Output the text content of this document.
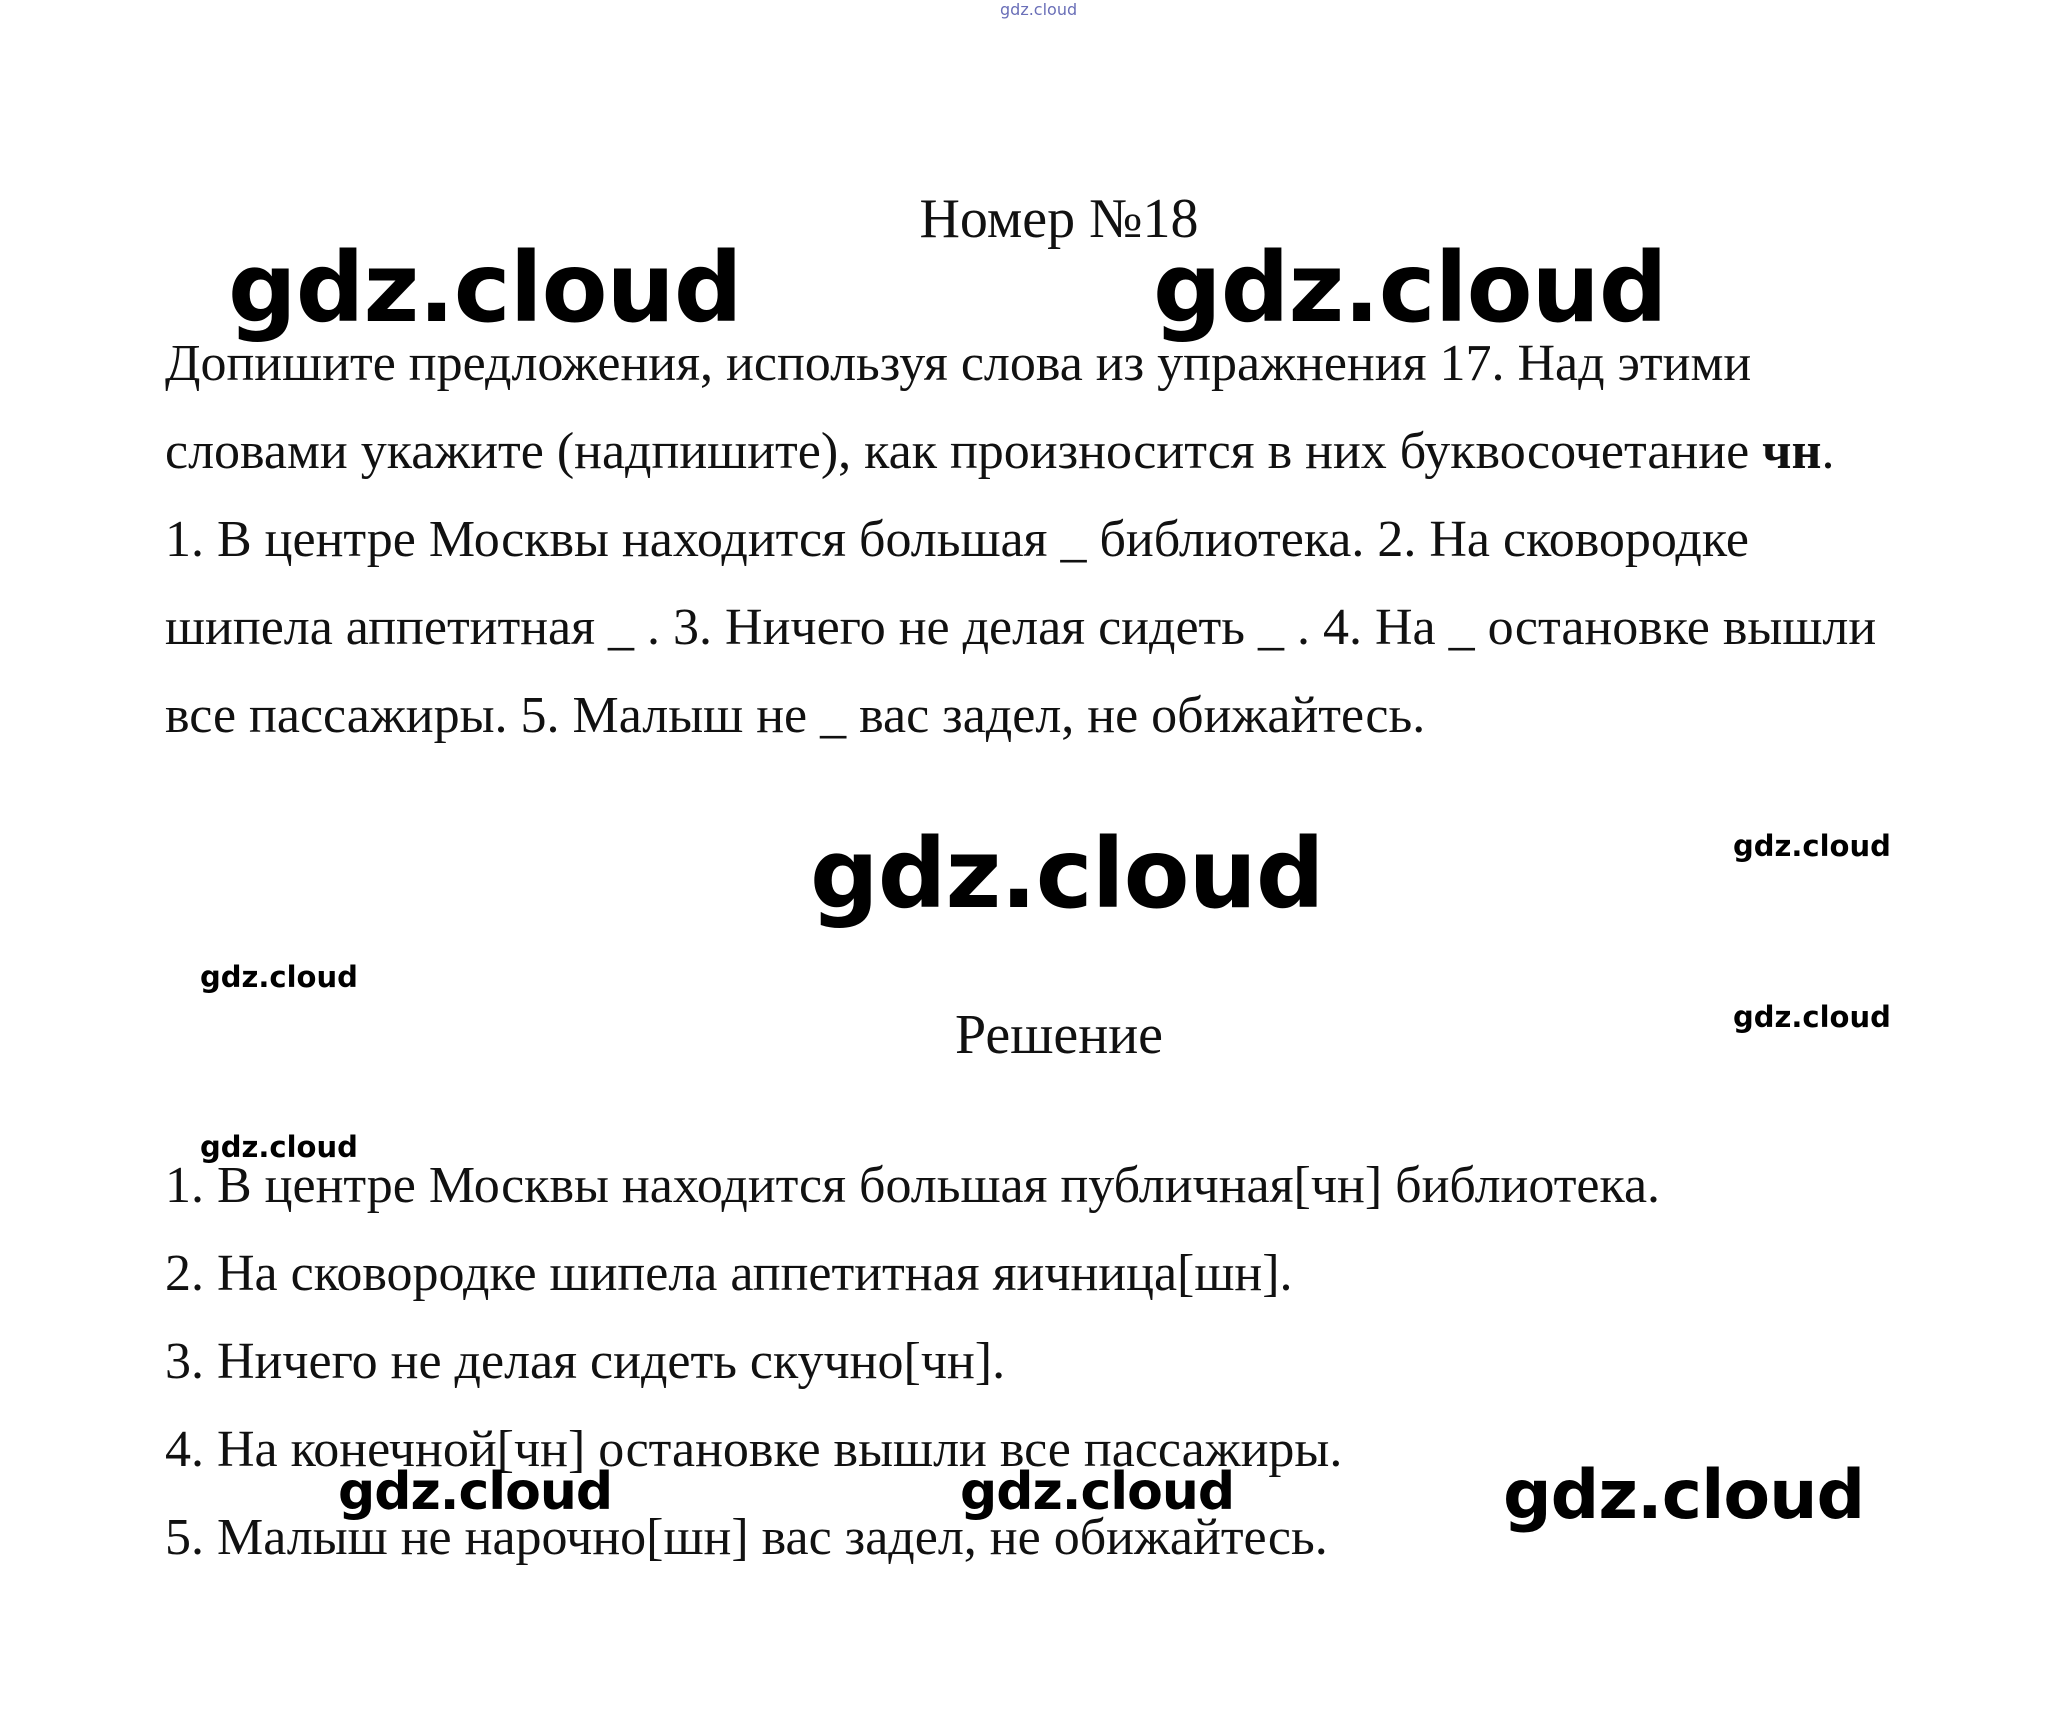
gdz.cloud
Номер №18
gdz.cloud	gdz.cloud

Допишите предложения, используя слова из упражнения 17. Над этими словами укажите (надпишите), как произносится в них буквосочетание чн.

1. В центре Москвы находится большая _ библиотека. 2. На сковородке шипела аппетитная _ . 3. Ничего не делая сидеть _ . 4. На _ остановке вышли все пассажиры. 5. Малыш не _ вас задел, не обижайтесь.

gdz.cloud
gdz.cloud
gdz.cloud
gdz.cloud
Решение
gdz.cloud
1. В центре Москвы находится большая публичная[чн] библиотека.
2. На сковородке шипела аппетитная яичница[шн].
3. Ничего не делая сидеть скучно[чн].
4. На конечной[чн] остановке вышли все пассажиры.
5. Малыш не нарочно[шн] вас задел, не обижайтесь.
gdz.cloud	gdz.cloud	gdz.cloud
